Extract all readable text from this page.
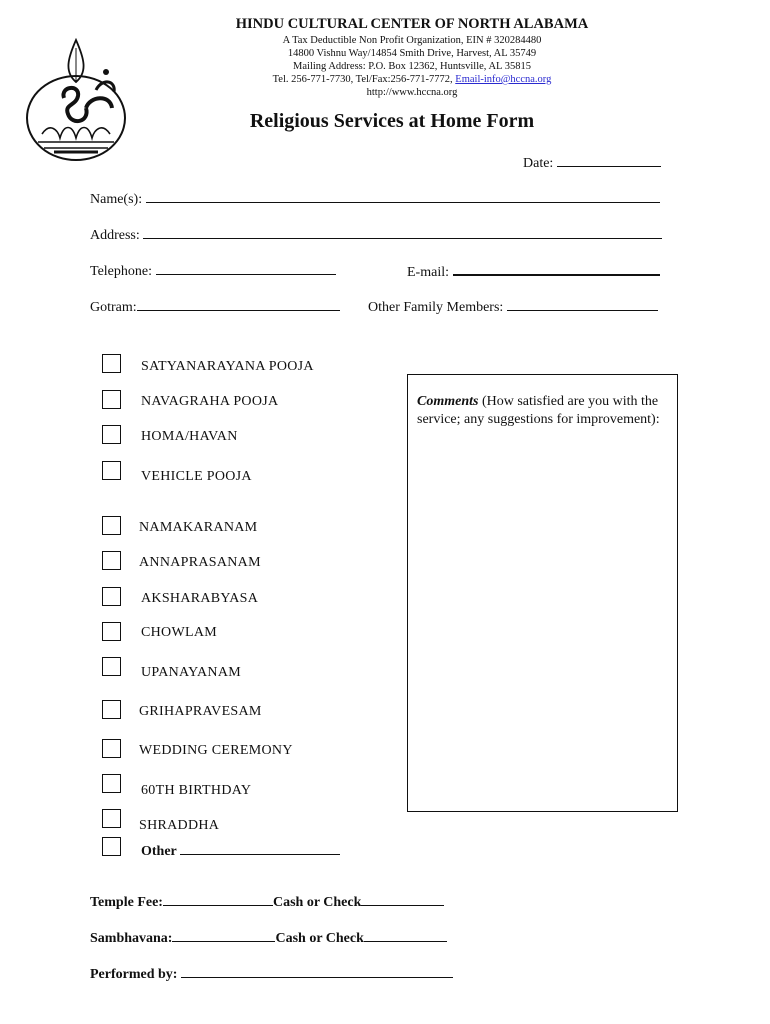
HINDU CULTURAL CENTER OF NORTH ALABAMA
A Tax Deductible Non Profit Organization, EIN # 320284480
14800 Vishnu Way/14854 Smith Drive, Harvest, AL 35749
Mailing Address: P.O. Box 12362, Huntsville, AL 35815
Tel. 256-771-7730, Tel/Fax:256-771-7772, Email-info@hccna.org
http://www.hccna.org
Religious Services at Home Form
Date:
Name(s):
Address:
Telephone:	E-mail:
Gotram:	Other Family Members:
SATYANARAYANA POOJA
NAVAGRAHA POOJA
HOMA/HAVAN
VEHICLE POOJA
NAMAKARANAM
ANNAPRASANAM
AKSHARABYASA
CHOWLAM
UPANAYANAM
GRIHAPRAVESAM
WEDDING CEREMONY
60TH BIRTHDAY
SHRADDHA
Other
Comments (How satisfied are you with the service; any suggestions for improvement):
Temple Fee:	Cash or Check
Sambhavana:	Cash or Check
Performed by:
